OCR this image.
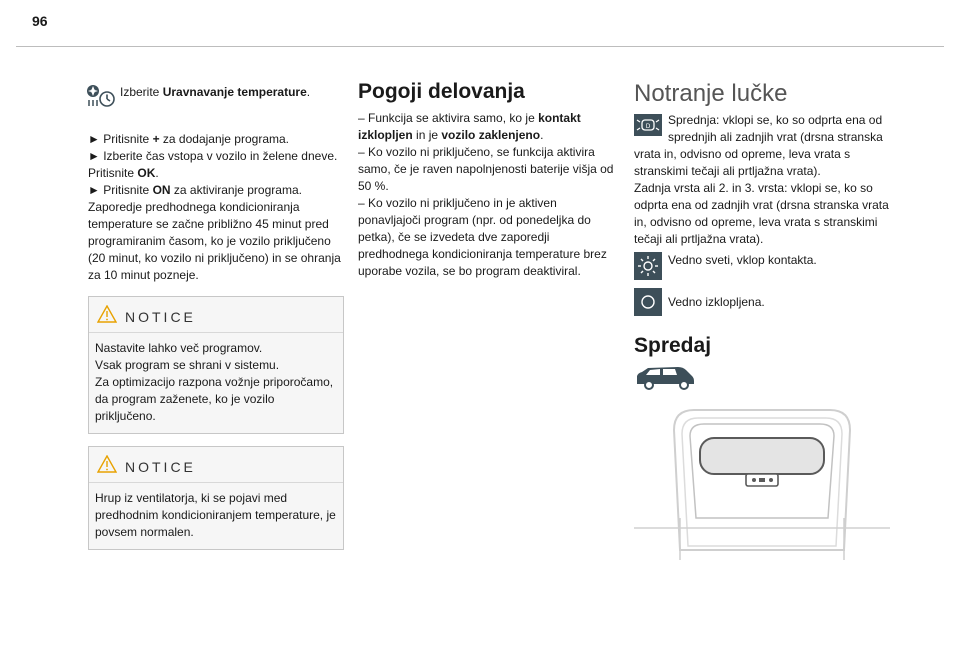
96

Izberite Uravnavanje temperature.

► Pritisnite + za dodajanje programa.

► Izberite čas vstopa v vozilo in želene dneve.

Pritisnite OK.

► Pritisnite ON za aktiviranje programa.

Zaporedje predhodnega kondicioniranja temperature se začne približno 45 minut pred programiranim časom, ko je vozilo priključeno (20 minut, ko vozilo ni priključeno) in se ohranja za 10 minut pozneje.

NOTICE

Nastavite lahko več programov.

Vsak program se shrani v sistemu.

Za optimizacijo razpona vožnje priporočamo, da program zaženete, ko je vozilo priključeno.

NOTICE

Hrup iz ventilatorja, ki se pojavi med predhodnim kondicioniranjem temperature, je povsem normalen.

Pogoji delovanja

– Funkcija se aktivira samo, ko je kontakt izklopljen in je vozilo zaklenjeno.

– Ko vozilo ni priključeno, se funkcija aktivira samo, če je raven napolnjenosti baterije višja od 50 %.

– Ko vozilo ni priključeno in je aktiven ponavljajoči program (npr. od ponedeljka do petka), če se izvedeta dve zaporedji predhodnega kondicioniranja temperature brez uporabe vozila, se bo program deaktiviral.

Notranje lučke
D	Sprednja: vklopi se, ko so odprta ena od sprednjih ali zadnjih vrat (drsna stranska vrata in, odvisno od opreme, leva vrata s stranskimi tečaji ali prtljažna vrata).

Zadnja vrsta ali 2. in 3. vrsta: vklopi se, ko so odprta ena od zadnjih vrat (drsna stranska vrata in, odvisno od opreme, leva vrata s stranskimi tečaji ali prtljažna vrata).

Vedno sveti, vklop kontakta.

Vedno izklopljena.

Spredaj
